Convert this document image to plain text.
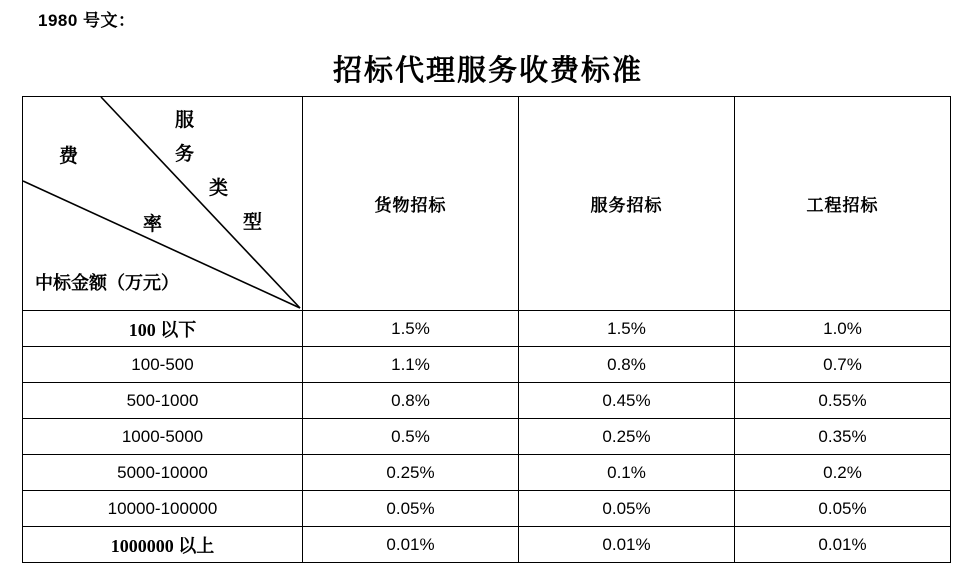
1980 号文：
招标代理服务收费标准
服
务
类
型
费
率
中标金额（万元）
	货物招标	服务招标	工程招标
100 以下	1.5%	1.5%	1.0%
100-500	1.1%	0.8%	0.7%
500-1000	0.8%	0.45%	0.55%
1000-5000	0.5%	0.25%	0.35%
5000-10000	0.25%	0.1%	0.2%
10000-100000	0.05%	0.05%	0.05%
1000000 以上	0.01%	0.01%	0.01%
